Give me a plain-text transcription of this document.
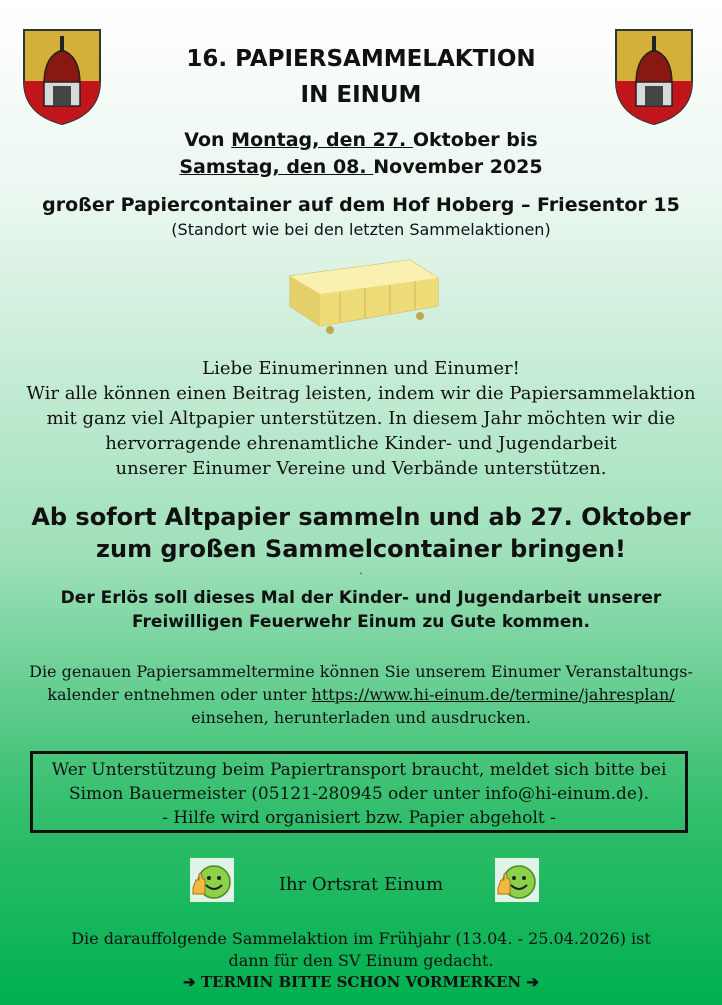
16. PAPIERSAMMELAKTION
IN EINUM
Von Montag, den 27. Oktober bis
Samstag, den 08. November 2025
großer Papiercontainer auf dem Hof Hoberg – Friesentor 15
(Standort wie bei den letzten Sammelaktionen)
Liebe Einumerinnen und Einumer!
Wir alle können einen Beitrag leisten, indem wir die Papiersammelaktion
mit ganz viel Altpapier unterstützen. In diesem Jahr möchten wir die
hervorragende ehrenamtliche Kinder- und Jugendarbeit
unserer Einumer Vereine und Verbände unterstützen.
Ab sofort Altpapier sammeln und ab 27. Oktober
zum großen Sammelcontainer bringen!
.
Der Erlös soll dieses Mal der Kinder- und Jugendarbeit unserer
Freiwilligen Feuerwehr Einum zu Gute kommen.
Die genauen Papiersammeltermine können Sie unserem Einumer Veranstaltungs-
kalender entnehmen oder unter https://www.hi-einum.de/termine/jahresplan/
einsehen, herunterladen und ausdrucken.
Wer Unterstützung beim Papiertransport braucht, meldet sich bitte bei
Simon Bauermeister (05121-280945 oder unter info@hi-einum.de).
- Hilfe wird organisiert bzw. Papier abgeholt -
Ihr Ortsrat Einum
Die darauffolgende Sammelaktion im Frühjahr (13.04. - 25.04.2026) ist
dann für den SV Einum gedacht.
➔ TERMIN BITTE SCHON VORMERKEN ➔
